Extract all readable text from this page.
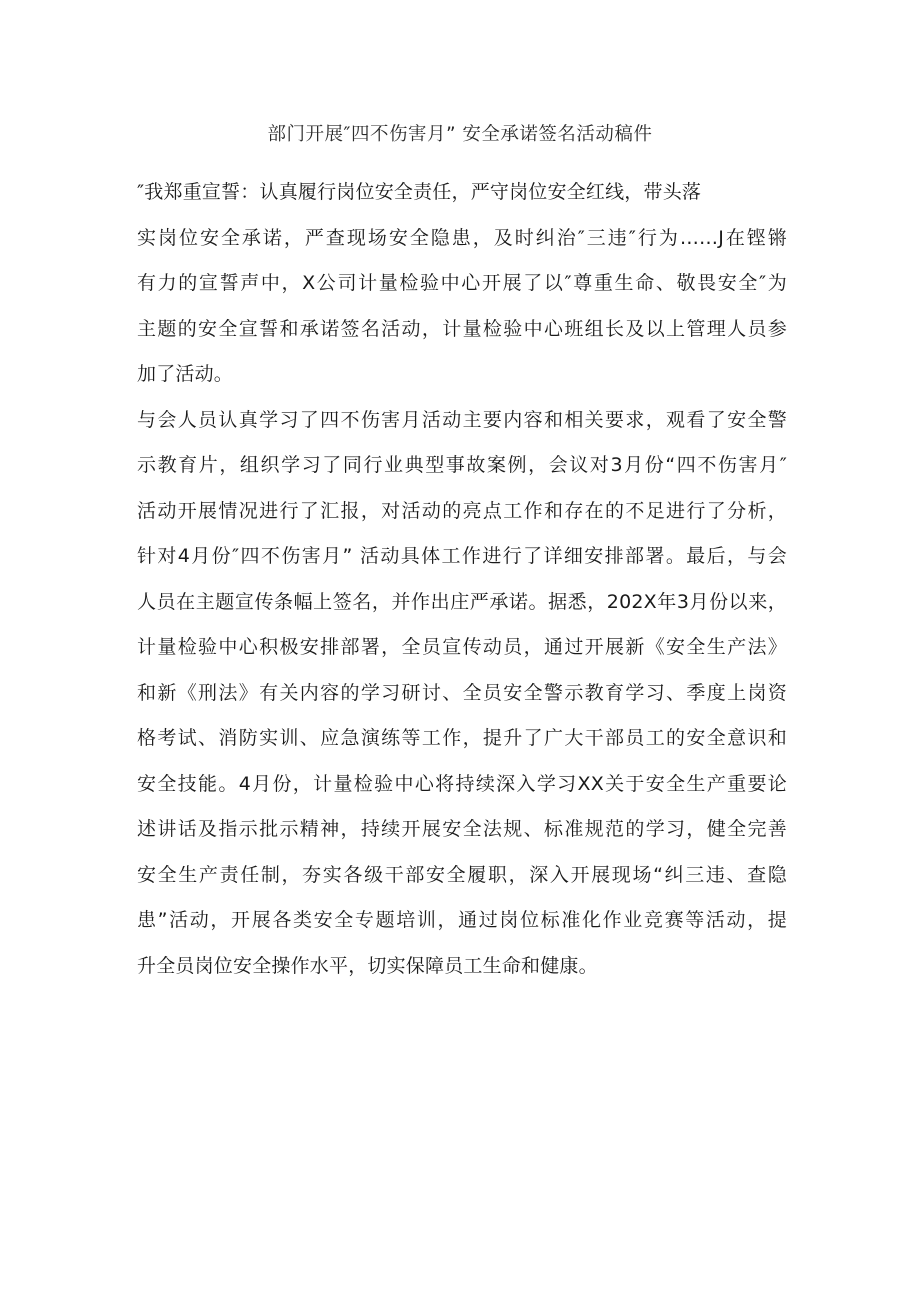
部门开展″四不伤害月” 安全承诺签名活动稿件
″我郑重宣誓：认真履行岗位安全责任，严守岗位安全红线，带头落
实岗位安全承诺，严查现场安全隐患，及时纠治″三违″行为……J在铿锵
有力的宣誓声中，X公司计量检验中心开展了以″尊重生命、敬畏安全″为
主题的安全宣誓和承诺签名活动，计量检验中心班组长及以上管理人员参
加了活动。
与会人员认真学习了四不伤害月活动主要内容和相关要求，观看了安全警
示教育片，组织学习了同行业典型事故案例，会议对3月份“四不伤害月″
活动开展情况进行了汇报，对活动的亮点工作和存在的不足进行了分析，
针对4月份″四不伤害月” 活动具体工作进行了详细安排部署。最后，与会
人员在主题宣传条幅上签名，并作出庄严承诺。据悉，202X年3月份以来，
计量检验中心积极安排部署，全员宣传动员，通过开展新《安全生产法》
和新《刑法》有关内容的学习研讨、全员安全警示教育学习、季度上岗资
格考试、消防实训、应急演练等工作，提升了广大干部员工的安全意识和
安全技能。4月份，计量检验中心将持续深入学习XX关于安全生产重要论
述讲话及指示批示精神，持续开展安全法规、标准规范的学习，健全完善
安全生产责任制，夯实各级干部安全履职，深入开展现场“纠三违、查隐
患”活动，开展各类安全专题培训，通过岗位标准化作业竞赛等活动，提
升全员岗位安全操作水平，切实保障员工生命和健康。
